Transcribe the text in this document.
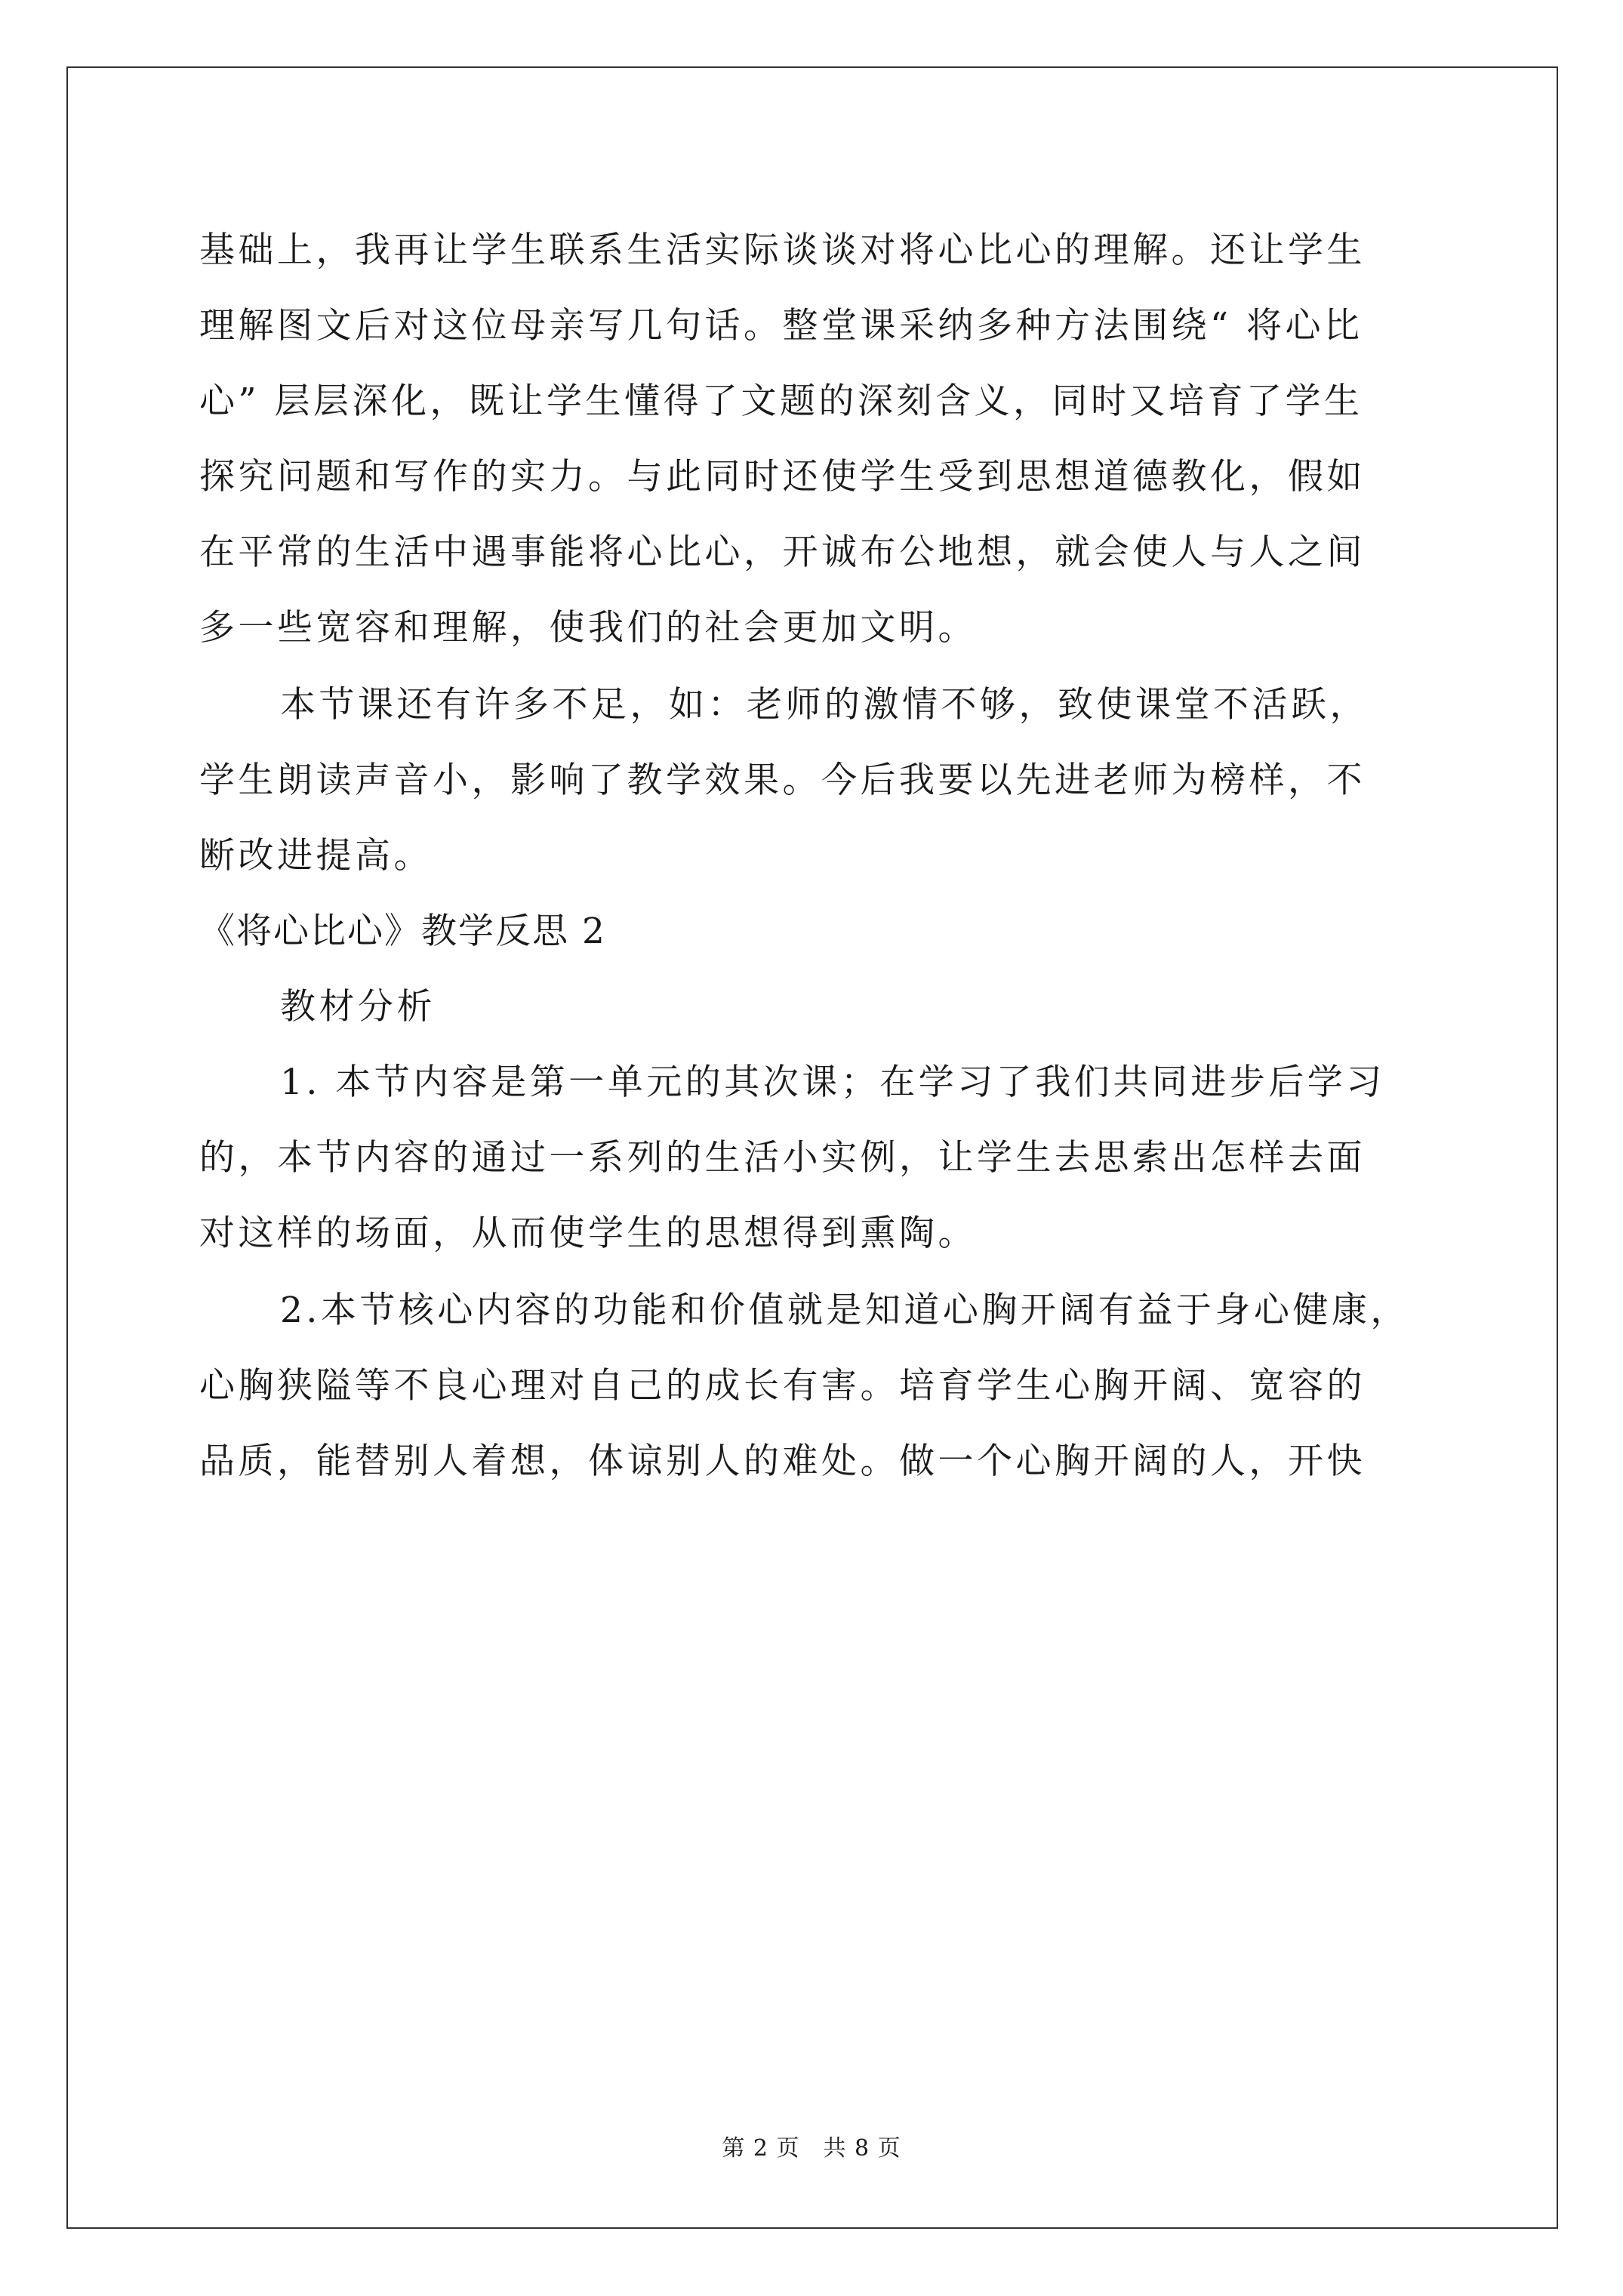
基础上，我再让学生联系生活实际谈谈对将心比心的理解。还让学生
理解图文后对这位母亲写几句话。整堂课采纳多种方法围绕“ 将心比
心” 层层深化，既让学生懂得了文题的深刻含义，同时又培育了学生
探究问题和写作的实力。与此同时还使学生受到思想道德教化，假如
在平常的生活中遇事能将心比心，开诚布公地想，就会使人与人之间
多一些宽容和理解，使我们的社会更加文明。
本节课还有许多不足，如：老师的激情不够，致使课堂不活跃，
学生朗读声音小，影响了教学效果。今后我要以先进老师为榜样，不
断改进提高。
《将心比心》教学反思 2
教材分析
1. 本节内容是第一单元的其次课；在学习了我们共同进步后学习
的，本节内容的通过一系列的生活小实例，让学生去思索出怎样去面
对这样的场面，从而使学生的思想得到熏陶。
2.本节核心内容的功能和价值就是知道心胸开阔有益于身心健康，
心胸狭隘等不良心理对自己的成长有害。培育学生心胸开阔、宽容的
品质，能替别人着想，体谅别人的难处。做一个心胸开阔的人，开快
第 2 页　共 8 页
